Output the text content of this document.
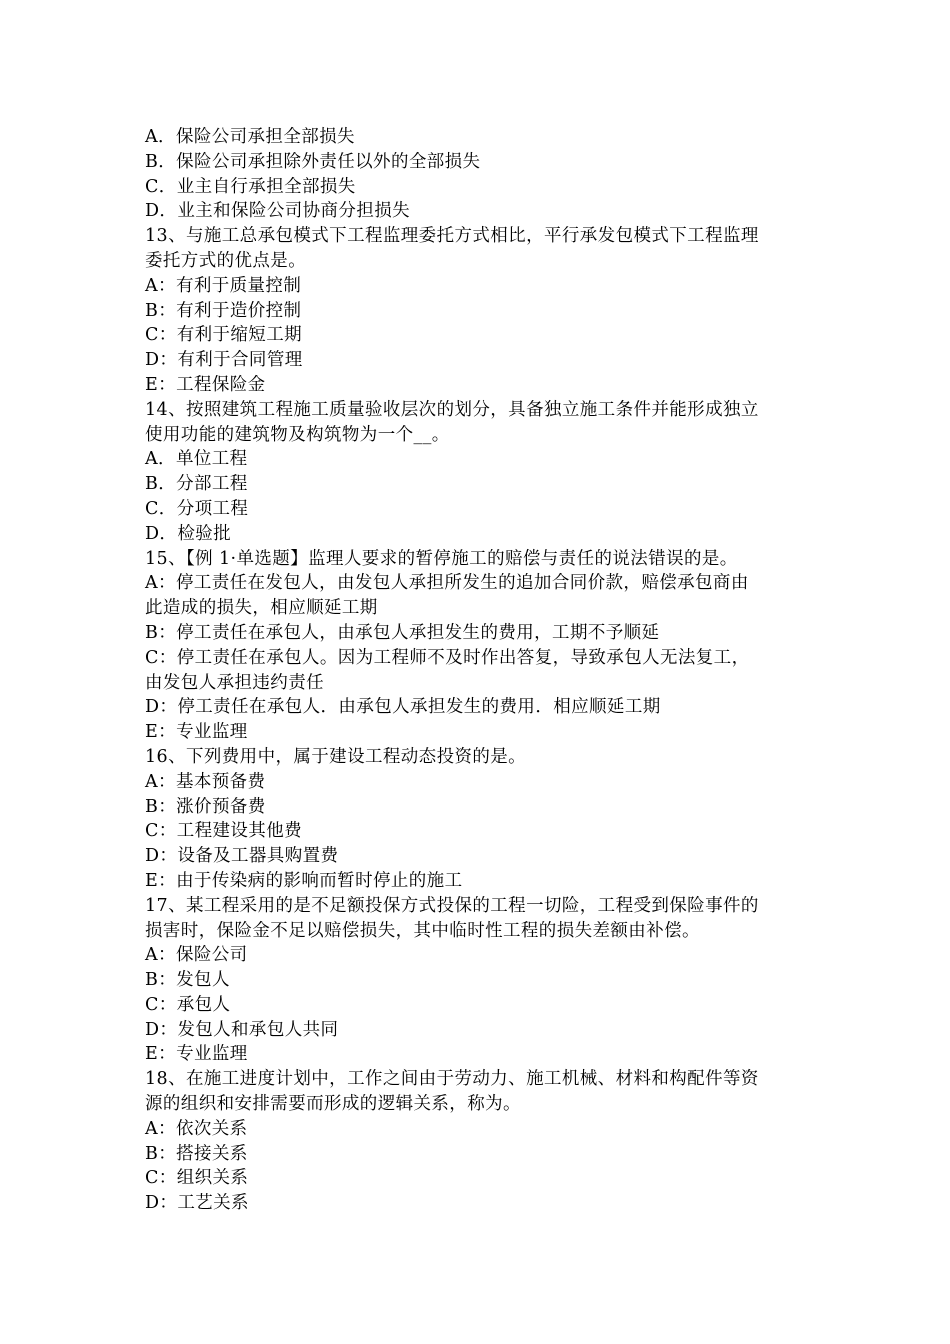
A．保险公司承担全部损失
B．保险公司承担除外责任以外的全部损失
C．业主自行承担全部损失
D．业主和保险公司协商分担损失
13、与施工总承包模式下工程监理委托方式相比，平行承发包模式下工程监理
委托方式的优点是。
A：有利于质量控制
B：有利于造价控制
C：有利于缩短工期
D：有利于合同管理
E：工程保险金
14、按照建筑工程施工质量验收层次的划分，具备独立施工条件并能形成独立
使用功能的建筑物及构筑物为一个__。
A．单位工程
B．分部工程
C．分项工程
D．检验批
15、【例 1·单选题】监理人要求的暂停施工的赔偿与责任的说法错误的是。
A：停工责任在发包人，由发包人承担所发生的追加合同价款，赔偿承包商由
此造成的损失，相应顺延工期
B：停工责任在承包人，由承包人承担发生的费用，工期不予顺延
C：停工责任在承包人。因为工程师不及时作出答复，导致承包人无法复工，
由发包人承担违约责任
D：停工责任在承包人．由承包人承担发生的费用．相应顺延工期
E：专业监理
16、下列费用中，属于建设工程动态投资的是。
A：基本预备费
B：涨价预备费
C：工程建设其他费
D：设备及工器具购置费
E：由于传染病的影响而暂时停止的施工
17、某工程采用的是不足额投保方式投保的工程一切险，工程受到保险事件的
损害时，保险金不足以赔偿损失，其中临时性工程的损失差额由补偿。
A：保险公司
B：发包人
C：承包人
D：发包人和承包人共同
E：专业监理
18、在施工进度计划中，工作之间由于劳动力、施工机械、材料和构配件等资
源的组织和安排需要而形成的逻辑关系，称为。
A：依次关系
B：搭接关系
C：组织关系
D：工艺关系
